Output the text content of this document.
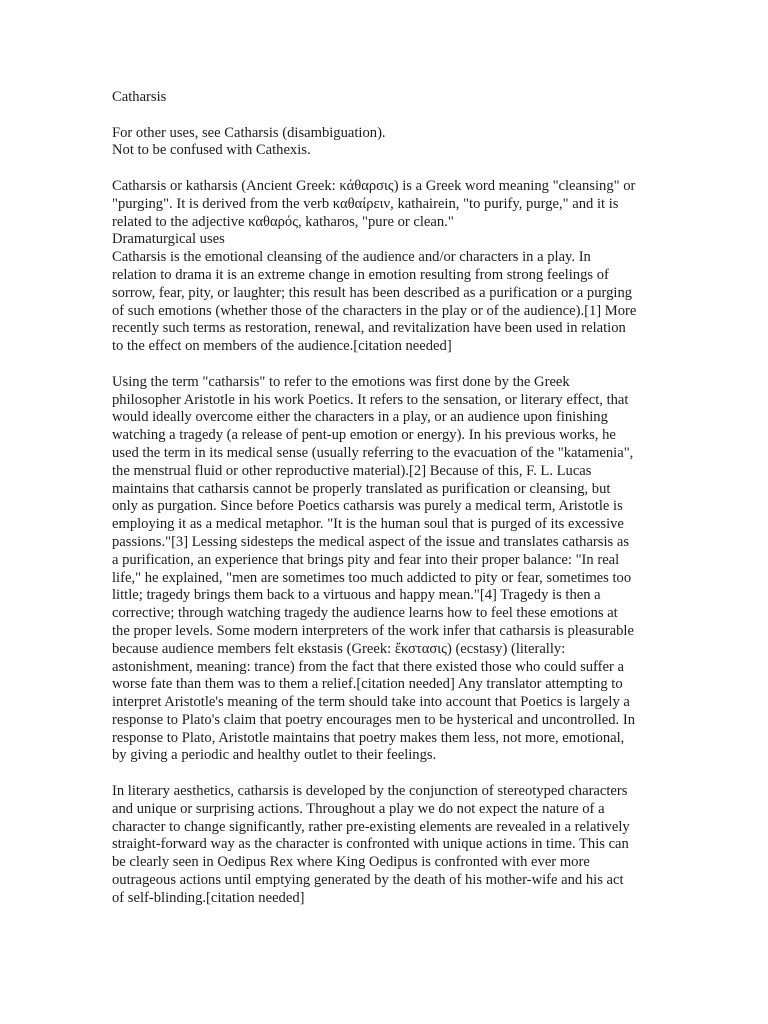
Catharsis

For other uses, see Catharsis (disambiguation).

Not to be confused with Cathexis.

Catharsis or katharsis (Ancient Greek: κάθαρσις) is a Greek word meaning "cleansing" or
"purging". It is derived from the verb καθαίρειν, kathairein, "to purify, purge," and it is
related to the adjective καθαρός, katharos, "pure or clean."

Dramaturgical uses

Catharsis is the emotional cleansing of the audience and/or characters in a play. In
relation to drama it is an extreme change in emotion resulting from strong feelings of
sorrow, fear, pity, or laughter; this result has been described as a purification or a purging
of such emotions (whether those of the characters in the play or of the audience).[1] More
recently such terms as restoration, renewal, and revitalization have been used in relation
to the effect on members of the audience.[citation needed]

Using the term "catharsis" to refer to the emotions was first done by the Greek
philosopher Aristotle in his work Poetics. It refers to the sensation, or literary effect, that
would ideally overcome either the characters in a play, or an audience upon finishing
watching a tragedy (a release of pent-up emotion or energy). In his previous works, he
used the term in its medical sense (usually referring to the evacuation of the "katamenia",
the menstrual fluid or other reproductive material).[2] Because of this, F. L. Lucas
maintains that catharsis cannot be properly translated as purification or cleansing, but
only as purgation. Since before Poetics catharsis was purely a medical term, Aristotle is
employing it as a medical metaphor. "It is the human soul that is purged of its excessive
passions."[3] Lessing sidesteps the medical aspect of the issue and translates catharsis as
a purification, an experience that brings pity and fear into their proper balance: "In real
life," he explained, "men are sometimes too much addicted to pity or fear, sometimes too
little; tragedy brings them back to a virtuous and happy mean."[4] Tragedy is then a
corrective; through watching tragedy the audience learns how to feel these emotions at
the proper levels. Some modern interpreters of the work infer that catharsis is pleasurable
because audience members felt ekstasis (Greek: ἔκστασις) (ecstasy) (literally:
astonishment, meaning: trance) from the fact that there existed those who could suffer a
worse fate than them was to them a relief.[citation needed] Any translator attempting to
interpret Aristotle's meaning of the term should take into account that Poetics is largely a
response to Plato's claim that poetry encourages men to be hysterical and uncontrolled. In
response to Plato, Aristotle maintains that poetry makes them less, not more, emotional,
by giving a periodic and healthy outlet to their feelings.

In literary aesthetics, catharsis is developed by the conjunction of stereotyped characters
and unique or surprising actions. Throughout a play we do not expect the nature of a
character to change significantly, rather pre-existing elements are revealed in a relatively
straight-forward way as the character is confronted with unique actions in time. This can
be clearly seen in Oedipus Rex where King Oedipus is confronted with ever more
outrageous actions until emptying generated by the death of his mother-wife and his act
of self-blinding.[citation needed]
